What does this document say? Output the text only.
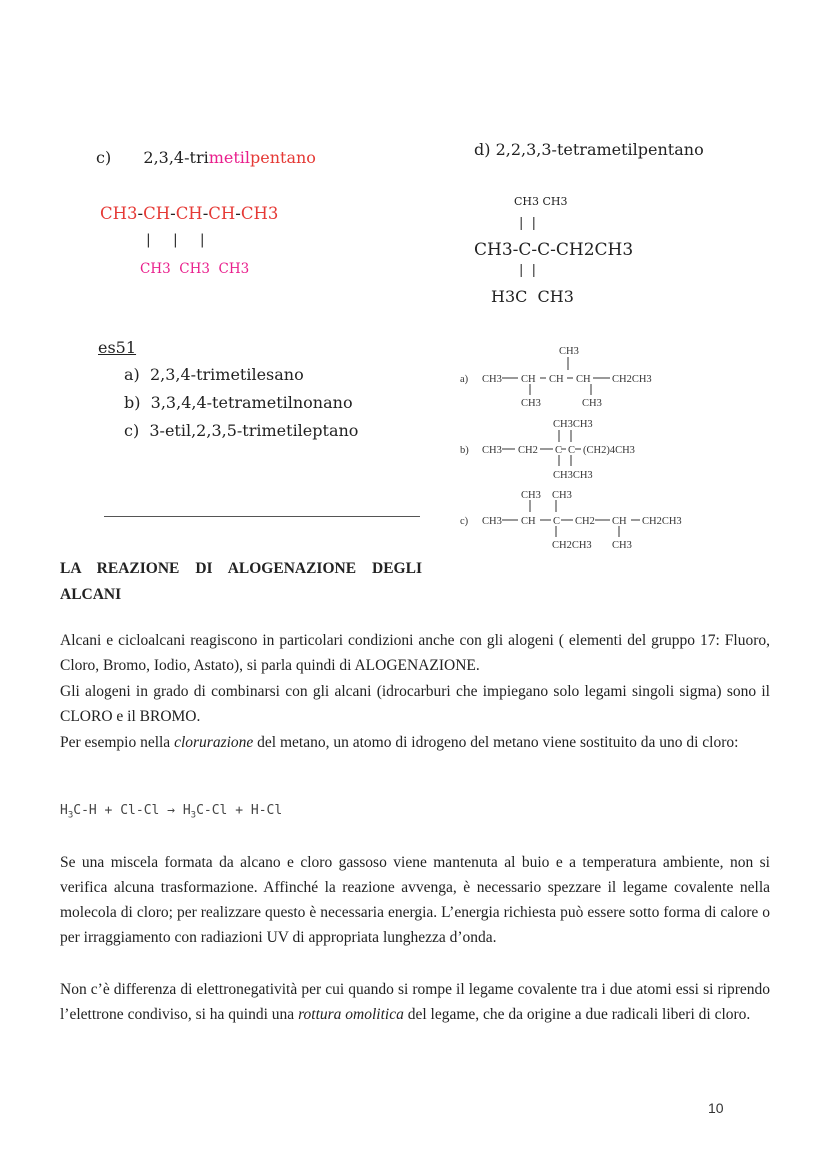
c) 2,3,4-trimetilpentano
CH3-CH-CH-CH-CH3
|     |     |
CH3  CH3  CH3
d) 2,2,3,3-tetrametilpentano
CH3 CH3
|  |
CH3-C-C-CH2CH3
|  |
H3C  CH3
es51
a) 2,3,4-trimetilesano
b) 3,3,4,4-tetrametilnonano
c) 3-etil,2,3,5-trimetileptano
a)
CH3
CH3 CH CH CH CH2CH3
CH3	CH3
b)
CH3CH3
CH3 CH2 C C (CH2)4CH3
CH3CH3
c)
CH3 CH3
CH3 CH C CH2 CH CH2CH3
CH2CH3 CH3
LA REAZIONE DI ALOGENAZIONE DEGLI
ALCANI
Alcani e cicloalcani reagiscono in particolari condizioni anche con gli alogeni ( elementi del gruppo 17: Fluoro, Cloro, Bromo, Iodio, Astato), si parla quindi di ALOGENAZIONE.
Gli alogeni in grado di combinarsi con gli alcani (idrocarburi che impiegano solo legami singoli sigma) sono il CLORO e il BROMO.
Per esempio nella clorurazione del metano, un atomo di idrogeno del metano viene sostituito da uno di cloro:
$H_3C-H + Cl-Cl \to H_3C-Cl + H-Cl$
Se una miscela formata da alcano e cloro gassoso viene mantenuta al buio e a temperatura ambiente, non si verifica alcuna trasformazione. Affinché la reazione avvenga, è necessario spezzare il legame covalente nella molecola di cloro; per realizzare questo è necessaria energia. L’energia richiesta può essere sotto forma di calore o per irraggiamento con radiazioni UV di appropriata lunghezza d’onda.
Non c’è differenza di elettronegatività per cui quando si rompe il legame covalente tra i due atomi essi si riprendo l’elettrone condiviso, si ha quindi una rottura omolitica del legame, che da origine a due radicali liberi di cloro.
10
